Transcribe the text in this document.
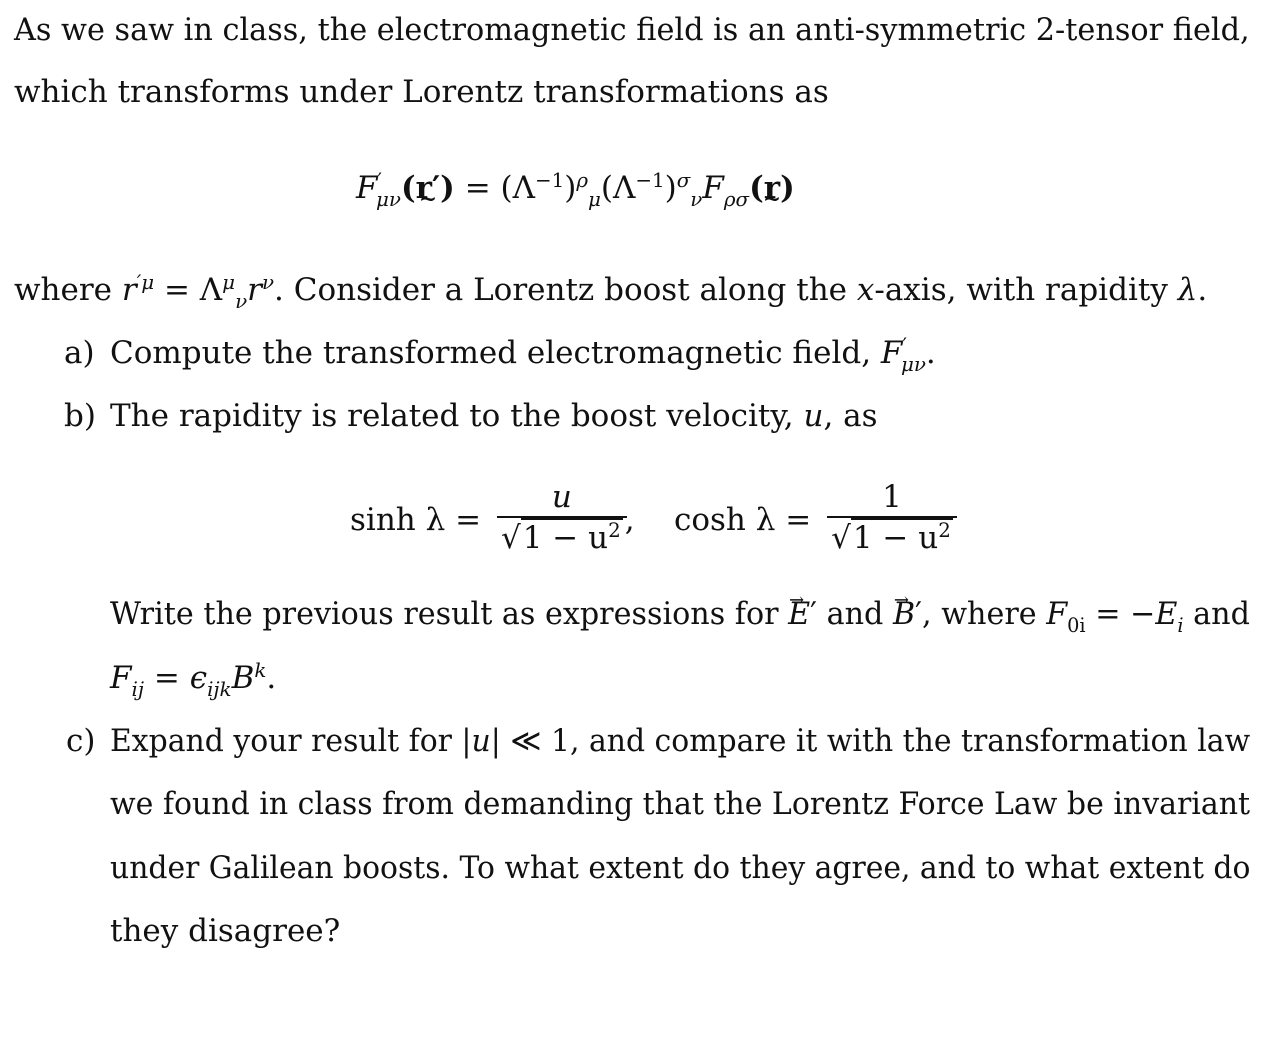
As we saw in class, the electromagnetic field is an anti-symmetric 2-tensor field,
which transforms under Lorentz transformations as
$F'_{\mu\nu}(r')$ ~ = $(\Lambda^{-1})^\rho_\mu(\Lambda^{-1})^\sigma_\nu F_{\rho\sigma}(r)$ ~
where $r^{'\mu} = \Lambda^\mu_\nu r^\nu$. Consider a Lorentz boost along the x-axis, with rapidity λ.
a) Compute the transformed electromagnetic field, $F'_{\mu\nu}$.
b) The rapidity is related to the boost velocity, u, as
$\sinh \lambda = \frac{u}{√1 - u^2}$
, $\cosh \lambda = \frac{1}{√1 - u^2}$
Write the previous result as expressions for → E′ and → B′, where $F_{0i} = -E_i$ and
$F_{ij} = \epsilon_{ijk}B^k$.
c) Expand your result for |u| ≪ 1, and compare it with the transformation law
we found in class from demanding that the Lorentz Force Law be invariant
under Galilean boosts. To what extent do they agree, and to what extent do
they disagree?
